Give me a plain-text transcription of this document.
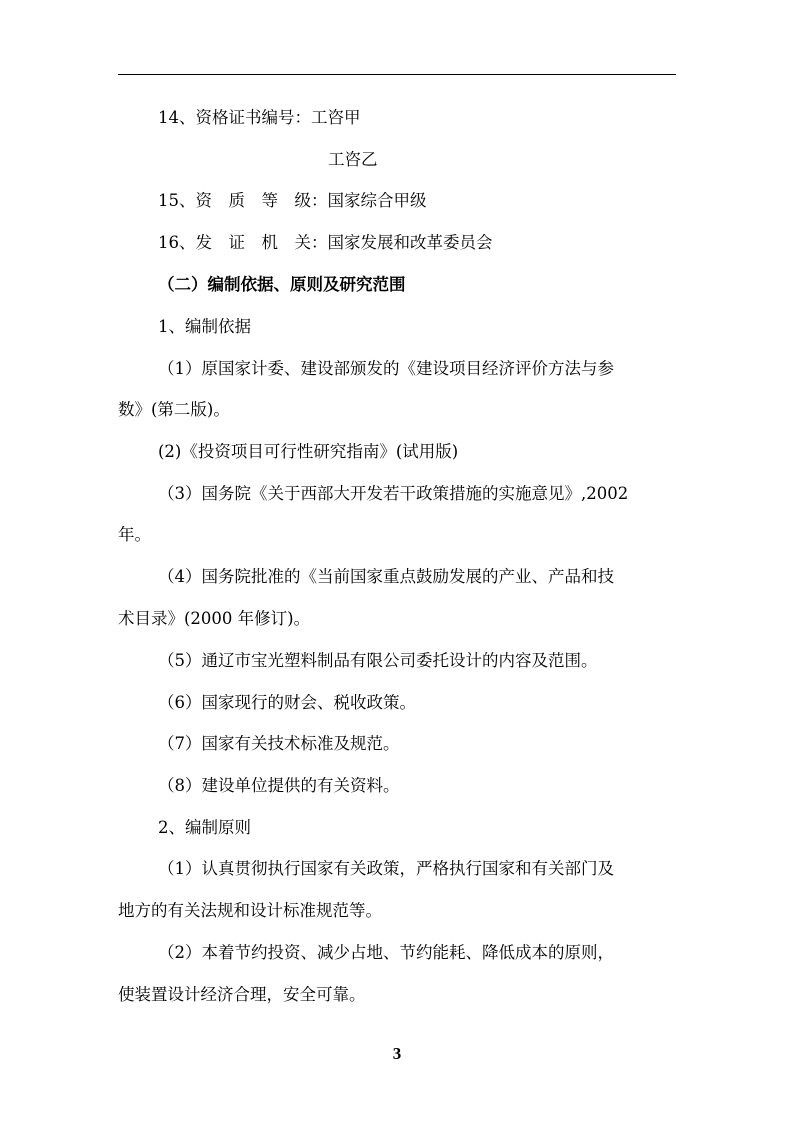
14、资格证书编号：工咨甲
工咨乙
15、资　质　等　级：国家综合甲级
16、发　证　机　关：国家发展和改革委员会
（二）编制依据、原则及研究范围
1、编制依据
（1）原国家计委、建设部颁发的《建设项目经济评价方法与参
数》(第二版)。
(2)《投资项目可行性研究指南》(试用版)
（3）国务院《关于西部大开发若干政策措施的实施意见》,2002
年。
（4）国务院批准的《当前国家重点鼓励发展的产业、产品和技
术目录》(2000 年修订)。
（5）通辽市宝光塑料制品有限公司委托设计的内容及范围。
（6）国家现行的财会、税收政策。
（7）国家有关技术标准及规范。
（8）建设单位提供的有关资料。
2、编制原则
（1）认真贯彻执行国家有关政策，严格执行国家和有关部门及
地方的有关法规和设计标准规范等。
（2）本着节约投资、减少占地、节约能耗、降低成本的原则，
使装置设计经济合理，安全可靠。
3
